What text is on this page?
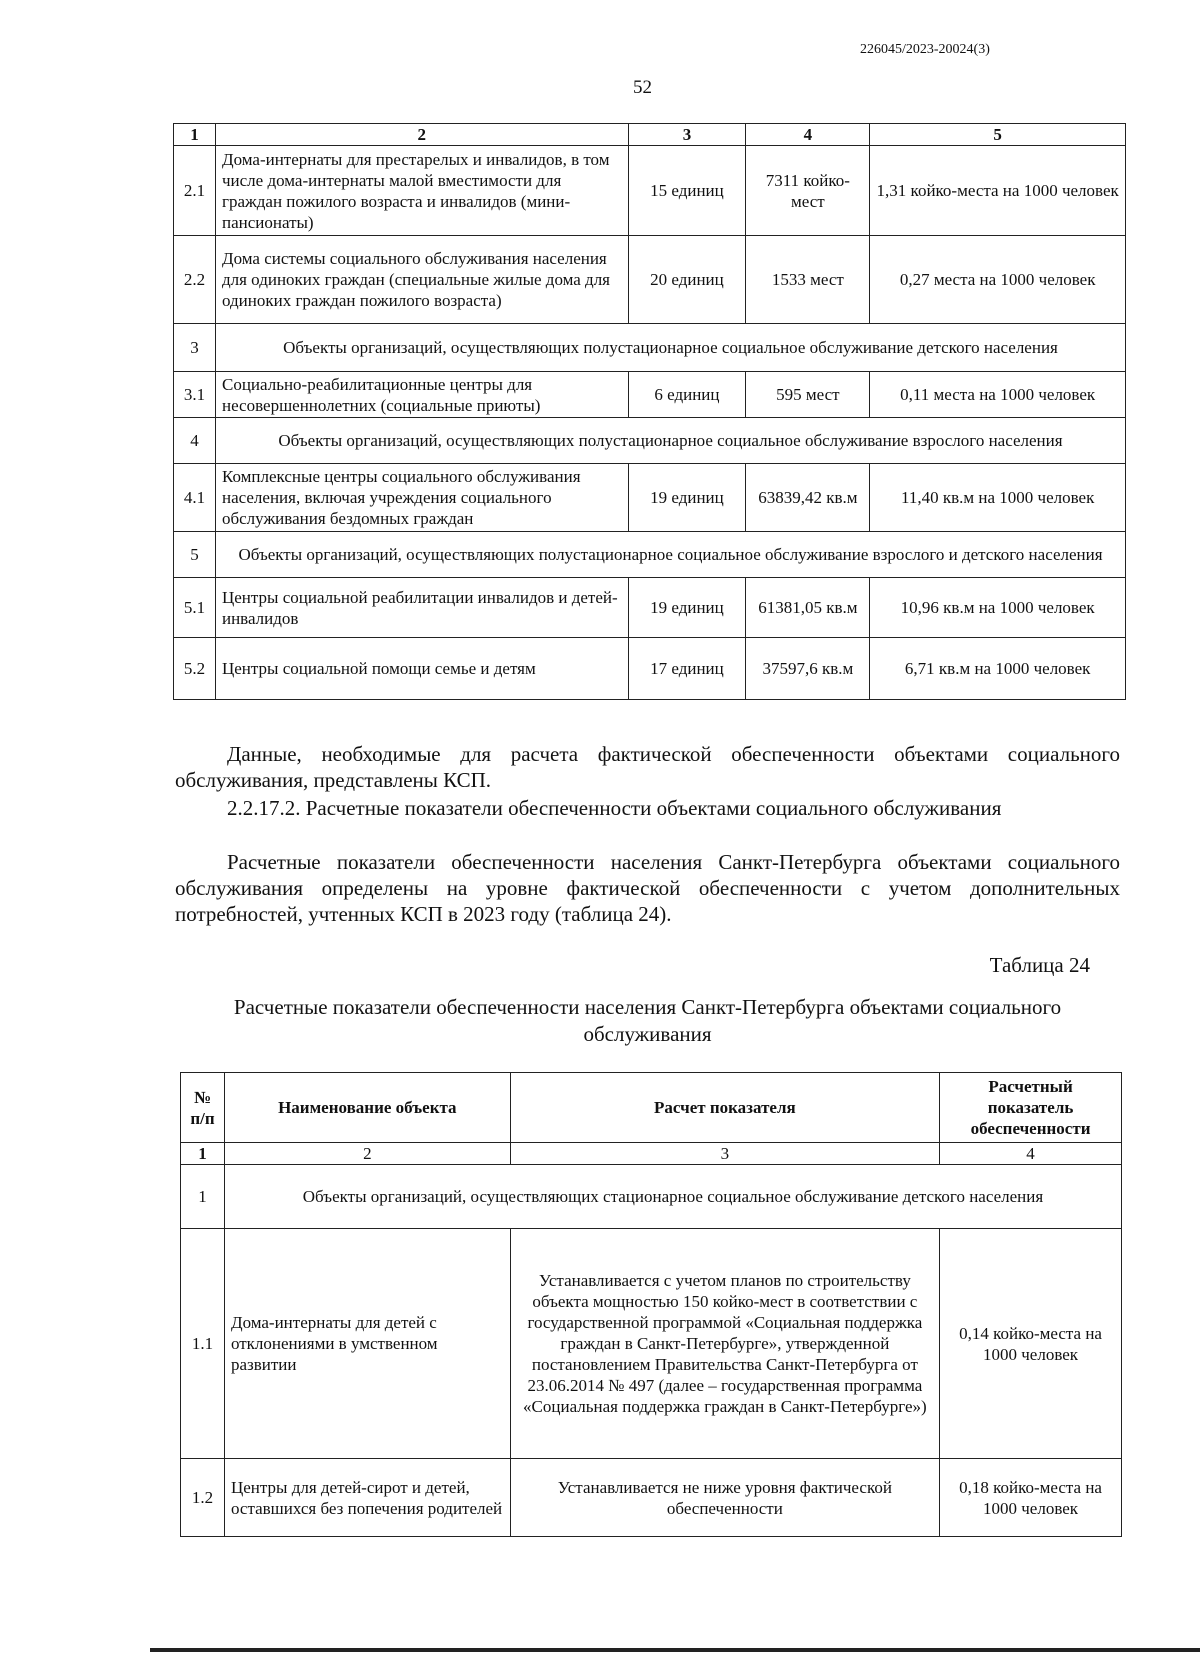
226045/2023-20024(3)
52
1	2	3	4	5
2.1	Дома-интернаты для престарелых и инвалидов, в том числе дома-интернаты малой вместимости для граждан пожилого возраста и инвалидов (мини-пансионаты)	15 единиц	7311 койко-мест	1,31 койко-места на 1000 человек
2.2	Дома системы социального обслуживания населения для одиноких граждан (специальные жилые дома для одиноких граждан пожилого возраста)	20 единиц	1533 мест	0,27 места на 1000 человек
3	Объекты организаций, осуществляющих полустационарное социальное обслуживание детского населения			
3.1	Социально-реабилитационные центры для несовершеннолетних (социальные приюты)	6 единиц	595 мест	0,11 места на 1000 человек
4	Объекты организаций, осуществляющих полустационарное социальное обслуживание взрослого населения			
4.1	Комплексные центры социального обслуживания населения, включая учреждения социального обслуживания бездомных граждан	19 единиц	63839,42 кв.м	11,40 кв.м на 1000 человек
5	Объекты организаций, осуществляющих полустационарное социальное обслуживание взрослого и детского населения			
5.1	Центры социальной реабилитации инвалидов и детей-инвалидов	19 единиц	61381,05 кв.м	10,96 кв.м на 1000 человек
5.2	Центры социальной помощи семье и детям	17 единиц	37597,6 кв.м	6,71 кв.м на 1000 человек
Данные, необходимые для расчета фактической обеспеченности объектами социального обслуживания, представлены КСП.
2.2.17.2. Расчетные показатели обеспеченности объектами социального обслуживания
Расчетные показатели обеспеченности населения Санкт-Петербурга объектами социального обслуживания определены на уровне фактической обеспеченности с учетом дополнительных потребностей, учтенных КСП в 2023 году (таблица 24).
Таблица 24
Расчетные показатели обеспеченности населения Санкт-Петербурга объектами социального обслуживания
№ п/п	Наименование объекта	Расчет показателя	Расчетный показатель обеспеченности
1	2	3	4
1	Объекты организаций, осуществляющих стационарное социальное обслуживание детского населения		
1.1	Дома-интернаты для детей с отклонениями в умственном развитии	Устанавливается с учетом планов по строительству объекта мощностью 150 койко-мест в соответствии с государственной программой «Социальная поддержка граждан в Санкт-Петербурге», утвержденной постановлением Правительства Санкт-Петербурга от 23.06.2014 № 497 (далее – государственная программа «Социальная поддержка граждан в Санкт-Петербурге»)	0,14 койко-места на 1000 человек
1.2	Центры для детей-сирот и детей, оставшихся без попечения родителей	Устанавливается не ниже уровня фактической обеспеченности	0,18 койко-места на 1000 человек
